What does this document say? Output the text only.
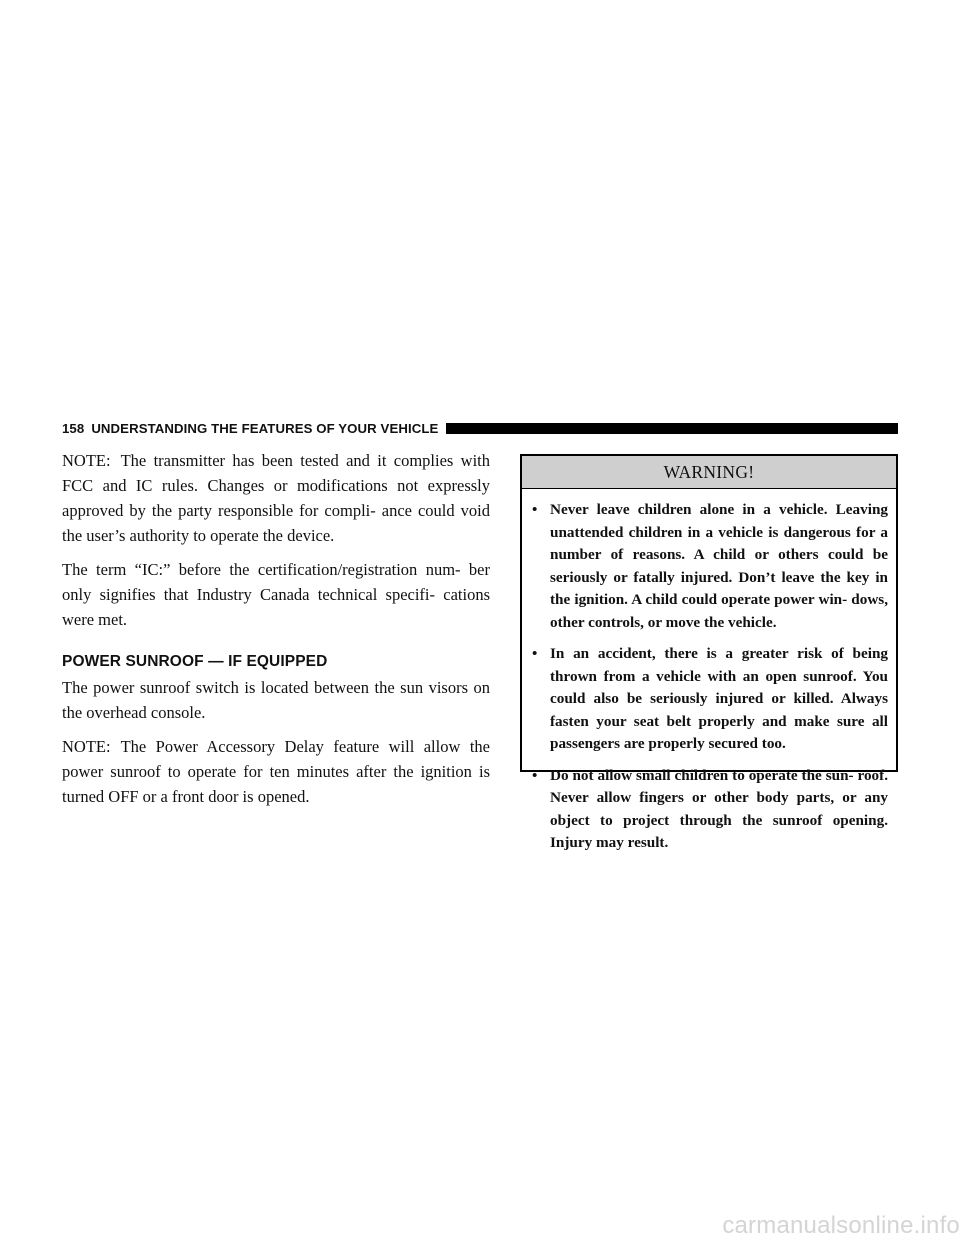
158 UNDERSTANDING THE FEATURES OF YOUR VEHICLE

NOTE: The transmitter has been tested and it complies with FCC and IC rules. Changes or modifications not expressly approved by the party responsible for compli- ance could void the user’s authority to operate the device.

The term “IC:” before the certification/registration num- ber only signifies that Industry Canada technical specifi- cations were met.

POWER SUNROOF — IF EQUIPPED

The power sunroof switch is located between the sun visors on the overhead console.

NOTE: The Power Accessory Delay feature will allow the power sunroof to operate for ten minutes after the ignition is turned OFF or a front door is opened.

WARNING!
• Never leave children alone in a vehicle. Leaving unattended children in a vehicle is dangerous for a number of reasons. A child or others could be seriously or fatally injured. Don’t leave the key in the ignition. A child could operate power win- dows, other controls, or move the vehicle.
• In an accident, there is a greater risk of being thrown from a vehicle with an open sunroof. You could also be seriously injured or killed. Always fasten your seat belt properly and make sure all passengers are properly secured too.
• Do not allow small children to operate the sun- roof. Never allow fingers or other body parts, or any object to project through the sunroof opening. Injury may result.
carmanualsonline.info
